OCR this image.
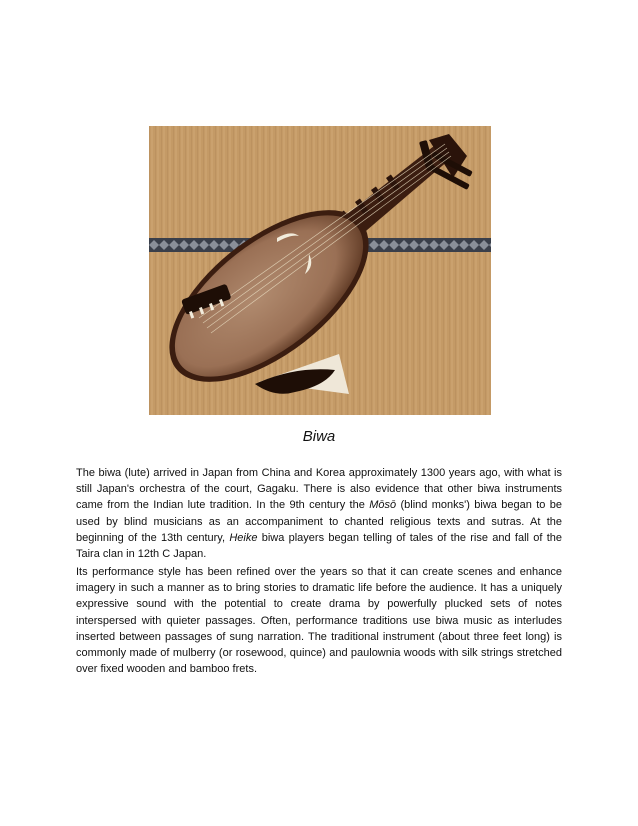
Biwa

The biwa (lute) arrived in Japan from China and Korea approximately 1300 years ago, with what is still Japan's orchestra of the court, Gagaku. There is also evidence that other biwa instruments came from the Indian lute tradition. In the 9th century the Mōsō (blind monks') biwa began to be used by blind musicians as an accompaniment to chanted religious texts and sutras. At the beginning of the 13th century, Heike biwa players began telling of tales of the rise and fall of the Taira clan in 12th C Japan.

Its performance style has been refined over the years so that it can create scenes and enhance imagery in such a manner as to bring stories to dramatic life before the audience. It has a uniquely expressive sound with the potential to create drama by powerfully plucked sets of notes interspersed with quieter passages. Often, performance traditions use biwa music as interludes inserted between passages of sung narration. The traditional instrument (about three feet long) is commonly made of mulberry (or rosewood, quince) and paulownia woods with silk strings stretched over fixed wooden and bamboo frets.
